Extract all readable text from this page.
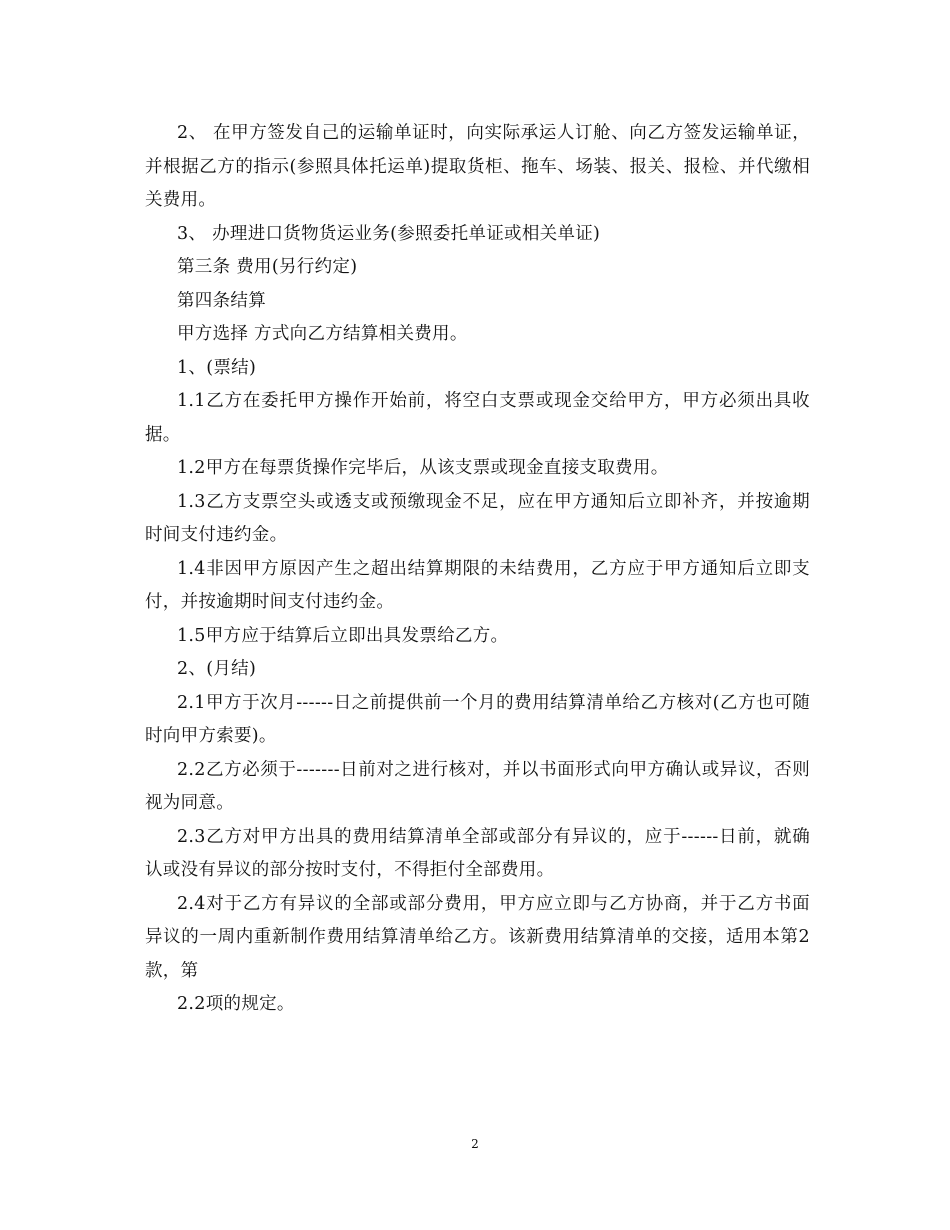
2、 在甲方签发自己的运输单证时，向实际承运人订舱、向乙方签发运输单证，并根据乙方的指示(参照具体托运单)提取货柜、拖车、场装、报关、报检、并代缴相关费用。

3、 办理进口货物货运业务(参照委托单证或相关单证)

第三条 费用(另行约定)

第四条结算

甲方选择 方式向乙方结算相关费用。

1、(票结)

1.1乙方在委托甲方操作开始前，将空白支票或现金交给甲方，甲方必须出具收据。

1.2甲方在每票货操作完毕后，从该支票或现金直接支取费用。

1.3乙方支票空头或透支或预缴现金不足，应在甲方通知后立即补齐，并按逾期时间支付违约金。

1.4非因甲方原因产生之超出结算期限的未结费用，乙方应于甲方通知后立即支付，并按逾期时间支付违约金。

1.5甲方应于结算后立即出具发票给乙方。

2、(月结)

2.1甲方于次月------日之前提供前一个月的费用结算清单给乙方核对(乙方也可随时向甲方索要)。

2.2乙方必须于-------日前对之进行核对，并以书面形式向甲方确认或异议，否则视为同意。

2.3乙方对甲方出具的费用结算清单全部或部分有异议的，应于------日前，就确认或没有异议的部分按时支付，不得拒付全部费用。

2.4对于乙方有异议的全部或部分费用，甲方应立即与乙方协商，并于乙方书面异议的一周内重新制作费用结算清单给乙方。该新费用结算清单的交接，适用本第2款，第

2.2项的规定。

2
